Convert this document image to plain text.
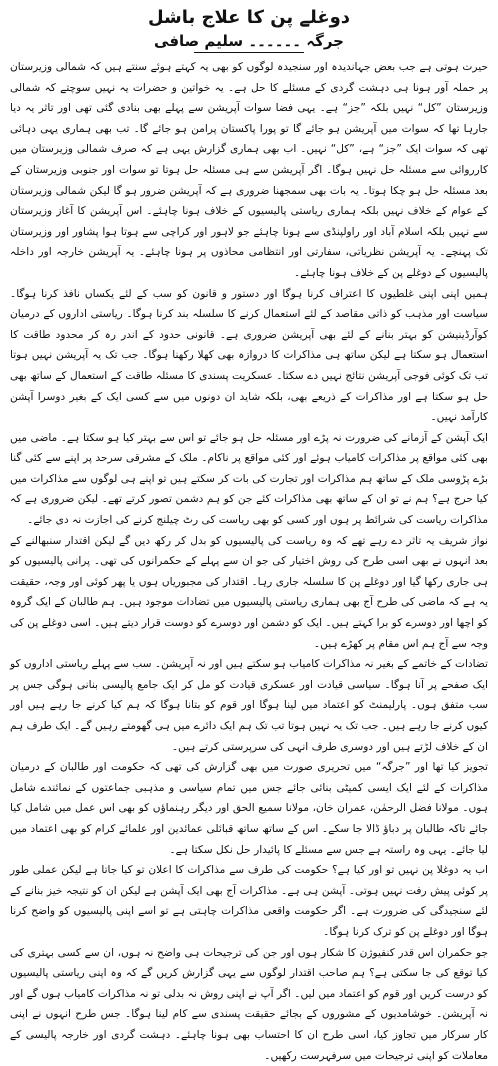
دوغلے پن کا علاج باشل
جرگہ ۔۔۔۔۔۔ سلیم صافی

حیرت ہوتی ہے جب بعض جہاندیدہ اور سنجیدہ لوگوں کو بھی یہ کہتے ہوئے سنتے ہیں کہ شمالی وزیرستان پر حملہ آور ہونا ہی دہشت گردی کے مسئلے کا حل ہے۔ یہ خواتین و حضرات یہ نہیں سوچتے کہ شمالی وزیرستان ”کل“ نہیں بلکہ ”جز“ ہے۔ یہی فضا سوات آپریشن سے پہلے بھی بنادی گئی تھی اور تاثر یہ دیا جارہا تھا کہ سوات میں آپریشن ہو جائے گا تو پورا پاکستان پرامن ہو جائے گا۔ تب بھی ہماری یہی دہائی تھی کہ سوات ایک ”جز“ ہے، ”کل“ نہیں۔ اب بھی ہماری گزارش یہی ہے کہ صرف شمالی وزیرستان میں کارروائی سے مسئلہ حل نہیں ہوگا۔ اگر آپریشن سے ہی مسئلہ حل ہوتا تو سوات اور جنوبی وزیرستان کے بعد مسئلہ حل ہو چکا ہوتا۔ یہ بات بھی سمجھنا ضروری ہے کہ آپریشن ضرور ہو گا لیکن شمالی وزیرستان کے عوام کے خلاف نہیں بلکہ ہماری ریاستی پالیسیوں کے خلاف ہونا چاہئے۔ اس آپریشن کا آغاز وزیرستان سے نہیں بلکہ اسلام آباد اور راولپنڈی سے ہونا چاہئے جو لاہور اور کراچی سے ہوتا ہوا پشاور اور وزیرستان تک پہنچے۔ یہ آپریشن نظریاتی، سفارتی اور انتظامی محاذوں پر ہونا چاہئے۔ یہ آپریشن خارجہ اور داخلہ پالیسیوں کے دوغلے پن کے خلاف ہونا چاہئے۔

ہمیں اپنی اپنی غلطیوں کا اعتراف کرنا ہوگا اور دستور و قانون کو سب کے لئے یکساں نافذ کرنا ہوگا۔ سیاست اور مذہب کو ذاتی مقاصد کے لئے استعمال کرنے کا سلسلہ بند کرنا ہوگا۔ ریاستی اداروں کے درمیان کوآرڈینیشن کو بہتر بنانے کے لئے بھی آپریشن ضروری ہے۔ قانونی حدود کے اندر رہ کر محدود طاقت کا استعمال ہو سکتا ہے لیکن ساتھ ہی مذاکرات کا دروازہ بھی کھلا رکھنا ہوگا۔ جب تک یہ آپریشن نہیں ہوتا تب تک کوئی فوجی آپریشن نتائج نہیں دے سکتا۔ عسکریت پسندی کا مسئلہ طاقت کے استعمال کے ساتھ بھی حل ہو سکتا ہے اور مذاکرات کے ذریعے بھی، بلکہ شاید ان دونوں میں سے کسی ایک کے بغیر دوسرا آپشن کارآمد نہیں۔

ایک آپشن کے آزمانے کی ضرورت نہ پڑے اور مسئلہ حل ہو جائے تو اس سے بہتر کیا ہو سکتا ہے۔ ماضی میں بھی کئی مواقع پر مذاکرات کامیاب ہوئے اور کئی مواقع پر ناکام۔ ملک کے مشرقی سرحد پر اپنے سے کئی گنا بڑے پڑوسی ملک کے ساتھ ہم مذاکرات اور تجارت کی بات کر سکتے ہیں تو اپنے ہی لوگوں سے مذاکرات میں کیا حرج ہے؟ ہم نے تو ان کے ساتھ بھی مذاکرات کئے جن کو ہم دشمن تصور کرتے تھے۔ لیکن ضروری ہے کہ مذاکرات ریاست کی شرائط پر ہوں اور کسی کو بھی ریاست کی رٹ چیلنج کرنے کی اجازت نہ دی جائے۔

نواز شریف یہ تاثر دے رہے تھے کہ وہ ریاست کی پالیسیوں کو بدل کر رکھ دیں گے لیکن اقتدار سنبھالنے کے بعد انہوں نے بھی اسی طرح کی روش اختیار کی جو ان سے پہلے کے حکمرانوں کی تھی۔ پرانی پالیسیوں کو ہی جاری رکھا گیا اور دوغلے پن کا سلسلہ جاری رہا۔ اقتدار کی مجبوریاں ہوں یا پھر کوئی اور وجہ، حقیقت یہ ہے کہ ماضی کی طرح آج بھی ہماری ریاستی پالیسیوں میں تضادات موجود ہیں۔ ہم طالبان کے ایک گروہ کو اچھا اور دوسرے کو برا کہتے ہیں۔ ایک کو دشمن اور دوسرے کو دوست قرار دیتے ہیں۔ اسی دوغلے پن کی وجہ سے آج ہم اس مقام پر کھڑے ہیں۔

تضادات کے خاتمے کے بغیر نہ مذاکرات کامیاب ہو سکتے ہیں اور نہ آپریشن۔ سب سے پہلے ریاستی اداروں کو ایک صفحے پر آنا ہوگا۔ سیاسی قیادت اور عسکری قیادت کو مل کر ایک جامع پالیسی بنانی ہوگی جس پر سب متفق ہوں۔ پارلیمنٹ کو اعتماد میں لینا ہوگا اور قوم کو بتانا ہوگا کہ ہم کیا کرنے جا رہے ہیں اور کیوں کرنے جا رہے ہیں۔ جب تک یہ نہیں ہوتا تب تک ہم ایک دائرے میں ہی گھومتے رہیں گے۔ ایک طرف ہم ان کے خلاف لڑتے ہیں اور دوسری طرف انہی کی سرپرستی کرتے ہیں۔

تجویز کیا تھا اور ”جرگہ“ میں تحریری صورت میں بھی گزارش کی تھی کہ حکومت اور طالبان کے درمیان مذاکرات کے لئے ایک ایسی کمیٹی بنائی جائے جس میں تمام سیاسی و مذہبی جماعتوں کے نمائندے شامل ہوں۔ مولانا فضل الرحمٰن، عمران خان، مولانا سمیع الحق اور دیگر رہنماؤں کو بھی اس عمل میں شامل کیا جائے تاکہ طالبان پر دباؤ ڈالا جا سکے۔ اس کے ساتھ ساتھ قبائلی عمائدین اور علمائے کرام کو بھی اعتماد میں لیا جائے۔ یہی وہ راستہ ہے جس سے مسئلے کا پائیدار حل نکل سکتا ہے۔

اب یہ دوغلا پن نہیں تو اور کیا ہے؟ حکومت کی طرف سے مذاکرات کا اعلان تو کیا جاتا ہے لیکن عملی طور پر کوئی پیش رفت نہیں ہوتی۔ آپشن ہی ہے۔ مذاکرات آج بھی ایک آپشن ہے لیکن ان کو نتیجہ خیز بنانے کے لئے سنجیدگی کی ضرورت ہے۔ اگر حکومت واقعی مذاکرات چاہتی ہے تو اسے اپنی پالیسیوں کو واضح کرنا ہوگا اور دوغلے پن کو ترک کرنا ہوگا۔

جو حکمران اس قدر کنفیوژن کا شکار ہوں اور جن کی ترجیحات ہی واضح نہ ہوں، ان سے کسی بہتری کی کیا توقع کی جا سکتی ہے؟ ہم صاحب اقتدار لوگوں سے یہی گزارش کریں گے کہ وہ اپنی ریاستی پالیسیوں کو درست کریں اور قوم کو اعتماد میں لیں۔ اگر آپ نے اپنی روش نہ بدلی تو نہ مذاکرات کامیاب ہوں گے اور نہ آپریشن۔ خوشامدیوں کے مشوروں کے بجائے حقیقت پسندی سے کام لینا ہوگا۔ جس طرح انہوں نے اپنی کار سرکار میں تجاوز کیا، اسی طرح ان کا احتساب بھی ہونا چاہئے۔ دہشت گردی اور خارجہ پالیسی کے معاملات کو اپنی ترجیحات میں سرفہرست رکھیں۔
